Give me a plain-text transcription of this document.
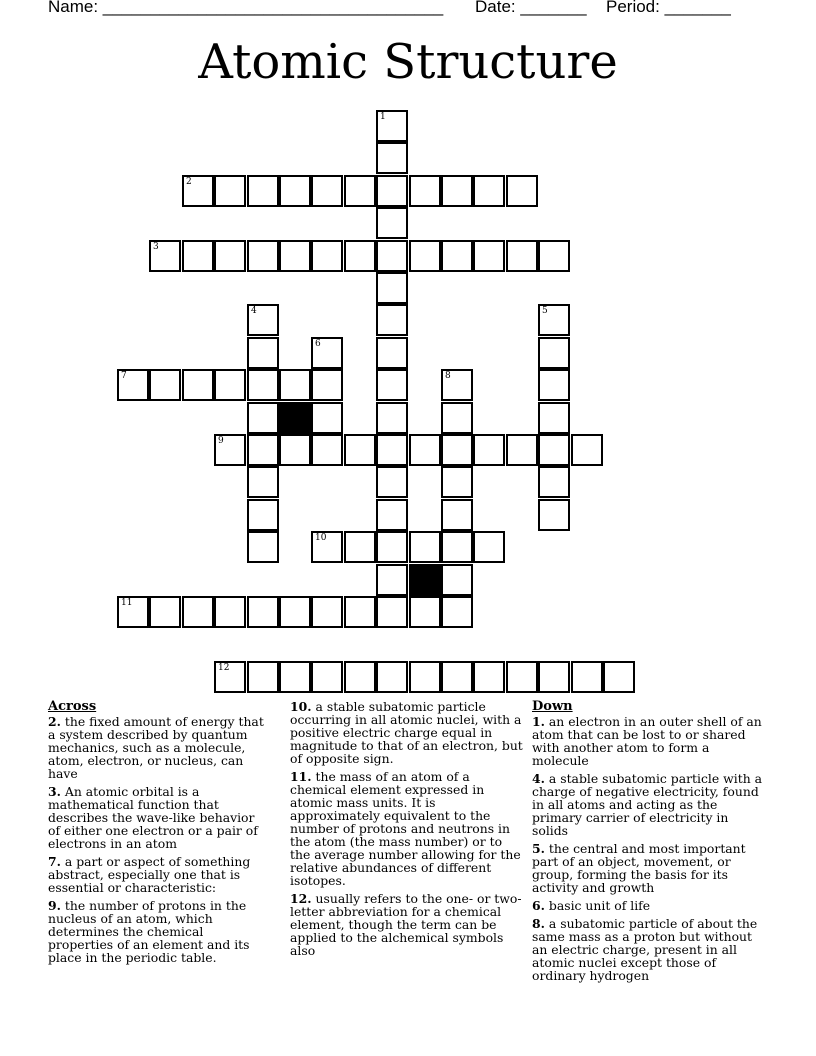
Name: ____________________________________ Date: _______ Period: _______
Atomic Structure
1
2
3
4	5
6
7	8
9
10
11
12
Across
2. the fixed amount of energy that a system described by quantum mechanics, such as a molecule, atom, electron, or nucleus, can have
3. An atomic orbital is a mathematical function that describes the wave-like behavior of either one electron or a pair of electrons in an atom
7. a part or aspect of something abstract, especially one that is essential or characteristic:
9. the number of protons in the nucleus of an atom, which determines the chemical properties of an element and its place in the periodic table.
10. a stable subatomic particle occurring in all atomic nuclei, with a positive electric charge equal in magnitude to that of an electron, but of opposite sign.
11. the mass of an atom of a chemical element expressed in atomic mass units. It is approximately equivalent to the number of protons and neutrons in the atom (the mass number) or to the average number allowing for the relative abundances of different isotopes.
12. usually refers to the one- or two-letter abbreviation for a chemical element, though the term can be applied to the alchemical symbols also
Down
1. an electron in an outer shell of an atom that can be lost to or shared with another atom to form a molecule
4. a stable subatomic particle with a charge of negative electricity, found in all atoms and acting as the primary carrier of electricity in solids
5. the central and most important part of an object, movement, or group, forming the basis for its activity and growth
6. basic unit of life
8. a subatomic particle of about the same mass as a proton but without an electric charge, present in all atomic nuclei except those of ordinary hydrogen
